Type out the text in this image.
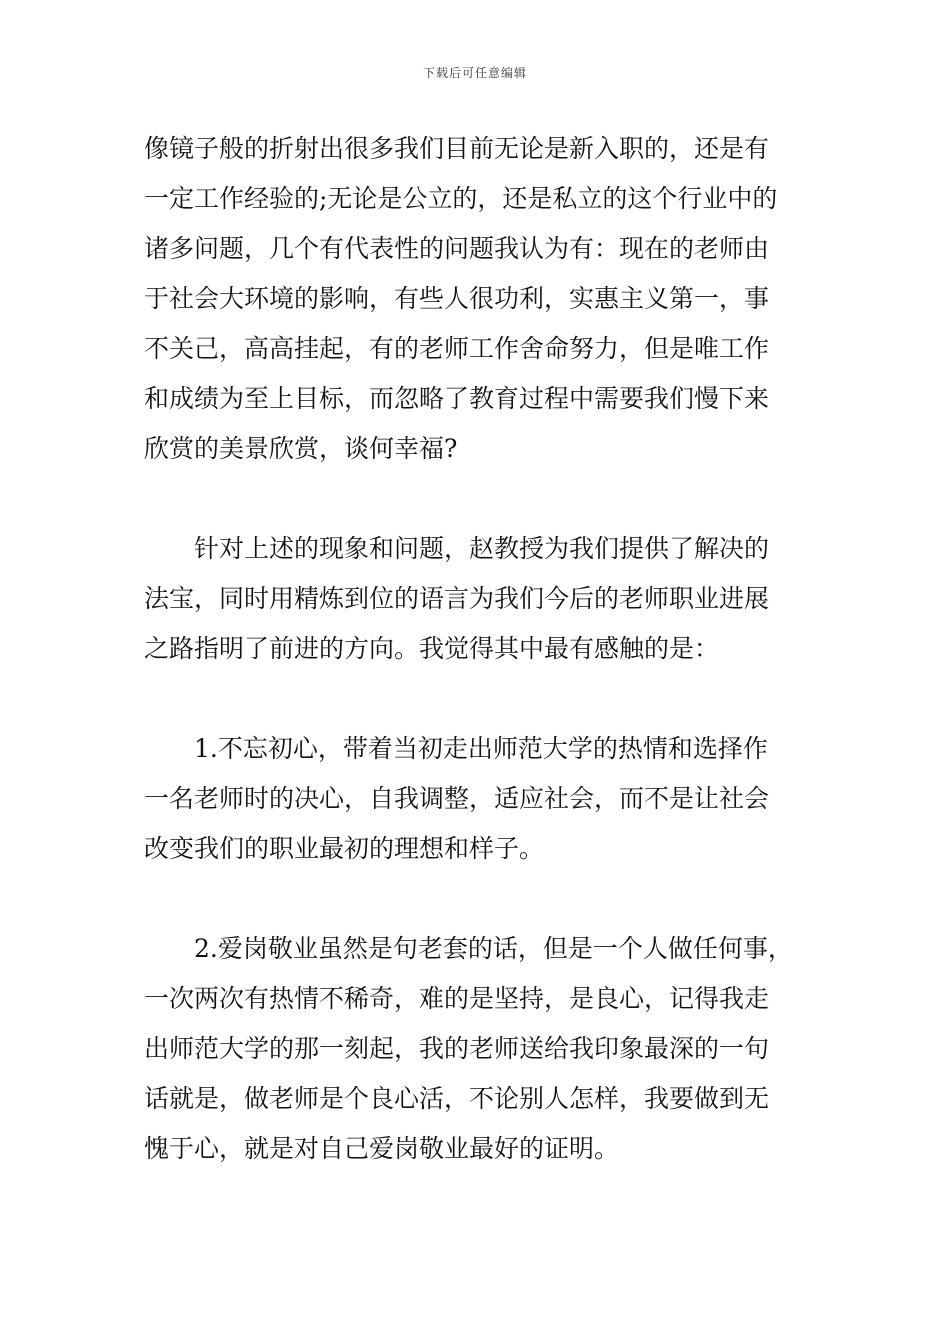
下载后可任意编辑
像镜子般的折射出很多我们目前无论是新入职的，还是有
一定工作经验的;无论是公立的，还是私立的这个行业中的
诸多问题，几个有代表性的问题我认为有：现在的老师由
于社会大环境的影响，有些人很功利，实惠主义第一，事
不关己，高高挂起，有的老师工作舍命努力，但是唯工作
和成绩为至上目标，而忽略了教育过程中需要我们慢下来
欣赏的美景欣赏，谈何幸福?
针对上述的现象和问题，赵教授为我们提供了解决的
法宝，同时用精炼到位的语言为我们今后的老师职业进展
之路指明了前进的方向。我觉得其中最有感触的是：
1.不忘初心，带着当初走出师范大学的热情和选择作
一名老师时的决心，自我调整，适应社会，而不是让社会
改变我们的职业最初的理想和样子。
2.爱岗敬业虽然是句老套的话，但是一个人做任何事，
一次两次有热情不稀奇，难的是坚持，是良心，记得我走
出师范大学的那一刻起，我的老师送给我印象最深的一句
话就是，做老师是个良心活，不论别人怎样，我要做到无
愧于心，就是对自己爱岗敬业最好的证明。
